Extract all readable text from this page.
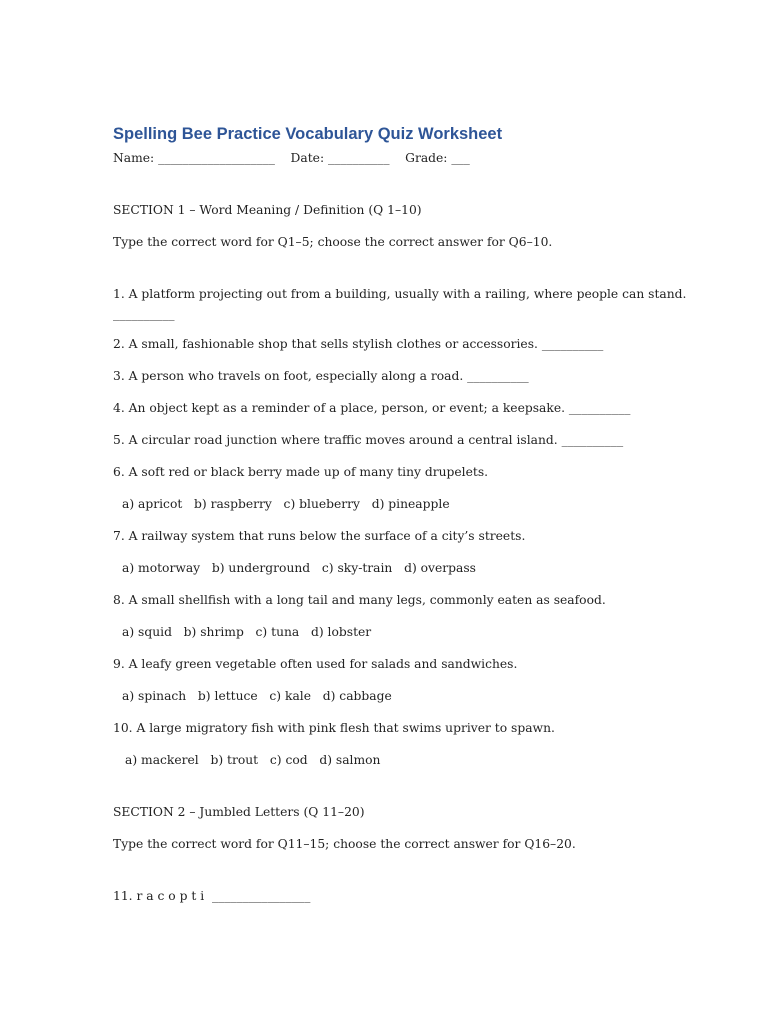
Spelling Bee Practice Vocabulary Quiz Worksheet
Name: ___________________    Date: __________    Grade: ___
SECTION 1 – Word Meaning / Definition (Q 1–10)
Type the correct word for Q1–5; choose the correct answer for Q6–10.
1. A platform projecting out from a building, usually with a railing, where people can stand.
__________
2. A small, fashionable shop that sells stylish clothes or accessories. __________
3. A person who travels on foot, especially along a road. __________
4. An object kept as a reminder of a place, person, or event; a keepsake. __________
5. A circular road junction where traffic moves around a central island. __________
6. A soft red or black berry made up of many tiny drupelets.
a) apricot   b) raspberry   c) blueberry   d) pineapple
7. A railway system that runs below the surface of a city’s streets.
a) motorway   b) underground   c) sky-train   d) overpass
8. A small shellfish with a long tail and many legs, commonly eaten as seafood.
a) squid   b) shrimp   c) tuna   d) lobster
9. A leafy green vegetable often used for salads and sandwiches.
a) spinach   b) lettuce   c) kale   d) cabbage
10. A large migratory fish with pink flesh that swims upriver to spawn.
a) mackerel   b) trout   c) cod   d) salmon
SECTION 2 – Jumbled Letters (Q 11–20)
Type the correct word for Q11–15; choose the correct answer for Q16–20.
11. r a c o p t i  ________________
